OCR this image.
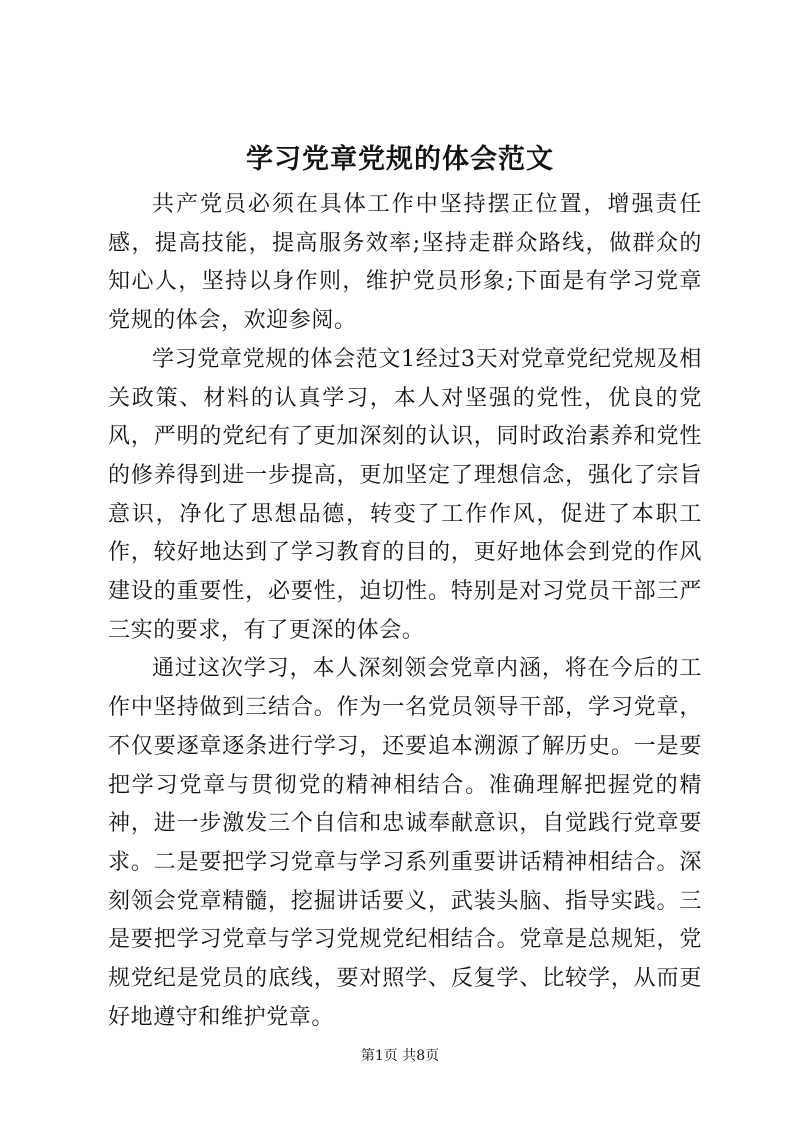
学习党章党规的体会范文

共产党员必须在具体工作中坚持摆正位置，增强责任感，提高技能，提高服务效率;坚持走群众路线，做群众的知心人，坚持以身作则，维护党员形象;下面是有学习党章党规的体会，欢迎参阅。

学习党章党规的体会范文1经过3天对党章党纪党规及相关政策、材料的认真学习，本人对坚强的党性，优良的党风，严明的党纪有了更加深刻的认识，同时政治素养和党性的修养得到进一步提高，更加坚定了理想信念，强化了宗旨意识，净化了思想品德，转变了工作作风，促进了本职工作，较好地达到了学习教育的目的，更好地体会到党的作风建设的重要性，必要性，迫切性。特别是对习党员干部三严三实的要求，有了更深的体会。

通过这次学习，本人深刻领会党章内涵，将在今后的工作中坚持做到三结合。作为一名党员领导干部，学习党章，不仅要逐章逐条进行学习，还要追本溯源了解历史。一是要把学习党章与贯彻党的精神相结合。准确理解把握党的精神，进一步激发三个自信和忠诚奉献意识，自觉践行党章要求。二是要把学习党章与学习系列重要讲话精神相结合。深刻领会党章精髓，挖掘讲话要义，武装头脑、指导实践。三是要把学习党章与学习党规党纪相结合。党章是总规矩，党规党纪是党员的底线，要对照学、反复学、比较学，从而更好地遵守和维护党章。

第1页 共8页
